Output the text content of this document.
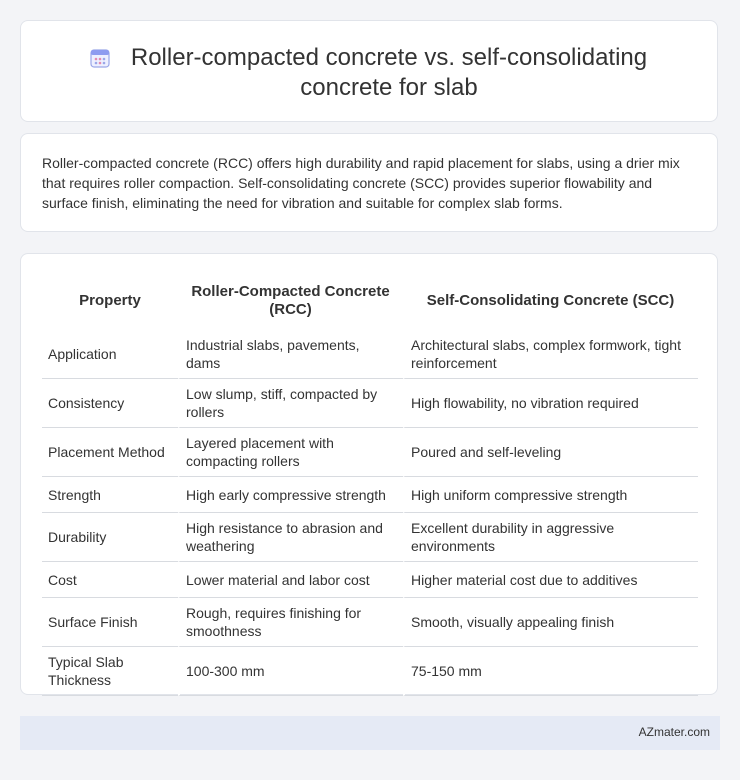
Roller-compacted concrete vs. self-consolidating concrete for slab

Roller-compacted concrete (RCC) offers high durability and rapid placement for slabs, using a drier mix that requires roller compaction. Self-consolidating concrete (SCC) provides superior flowability and surface finish, eliminating the need for vibration and suitable for complex slab forms.

Property	Roller-Compacted Concrete (RCC)	Self-Consolidating Concrete (SCC)
Application	Industrial slabs, pavements, dams	Architectural slabs, complex formwork, tight reinforcement
Consistency	Low slump, stiff, compacted by rollers	High flowability, no vibration required
Placement Method	Layered placement with compacting rollers	Poured and self-leveling
Strength	High early compressive strength	High uniform compressive strength
Durability	High resistance to abrasion and weathering	Excellent durability in aggressive environments
Cost	Lower material and labor cost	Higher material cost due to additives
Surface Finish	Rough, requires finishing for smoothness	Smooth, visually appealing finish
Typical Slab Thickness	100-300 mm	75-150 mm
AZmater.com
